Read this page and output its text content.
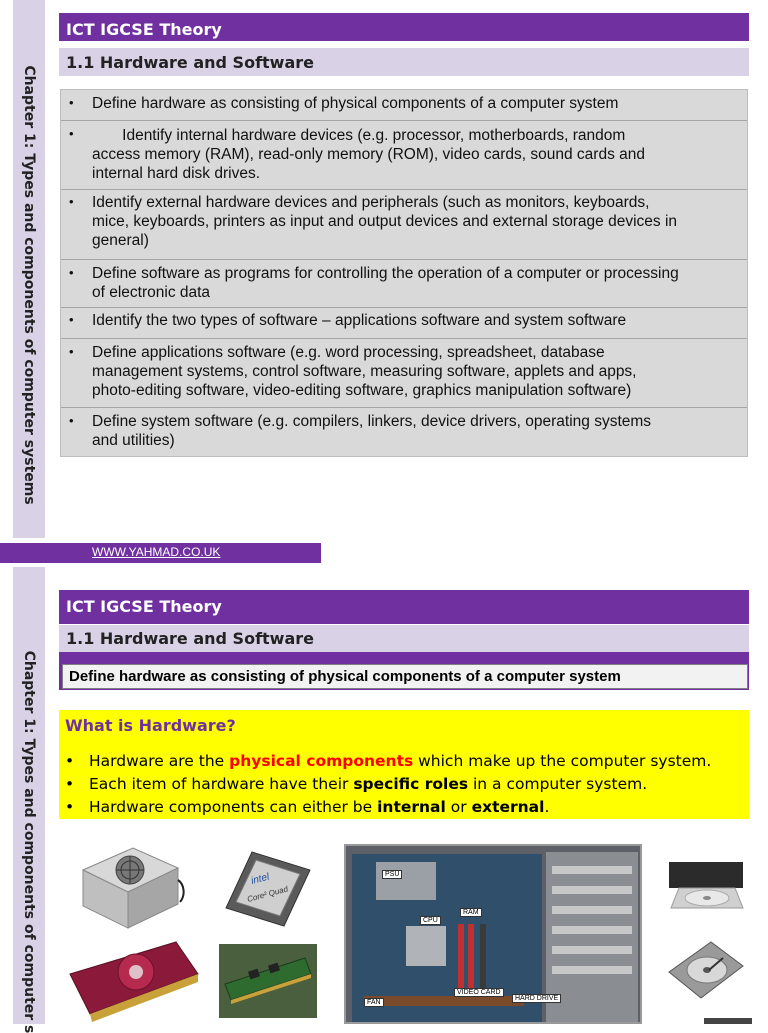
Chapter 1: Types and components of computer systems
ICT IGCSE Theory
1.1 Hardware and Software
• Define hardware as consisting of physical components of a computer system
• Identify internal hardware devices (e.g. processor, motherboards, random
access memory (RAM), read-only memory (ROM), video cards, sound cards and
internal hard disk drives.
• Identify external hardware devices and peripherals (such as monitors, keyboards,
mice, keyboards, printers as input and output devices and external storage devices in
general)
• Define software as programs for controlling the operation of a computer or processing
of electronic data
• Identify the two types of software – applications software and system software
• Define applications software (e.g. word processing, spreadsheet, database
management systems, control software, measuring software, applets and apps,
photo-editing software, video-editing software, graphics manipulation software)
• Define system software (e.g. compilers, linkers, device drivers, operating systems
and utilities)
WWW.YAHMAD.CO.UK
Chapter 1: Types and components of computer s
ICT IGCSE Theory
1.1 Hardware and Software
Define hardware as consisting of physical components of a computer system
What is Hardware?
• Hardware are the physical components which make up the computer system.
• Each item of hardware have their specific roles in a computer system.
• Hardware components can either be internal or external.
intel
Core² Quad
PSU
CPU
RAM
FAN
VIDEO CARD
HARD DRIVE
